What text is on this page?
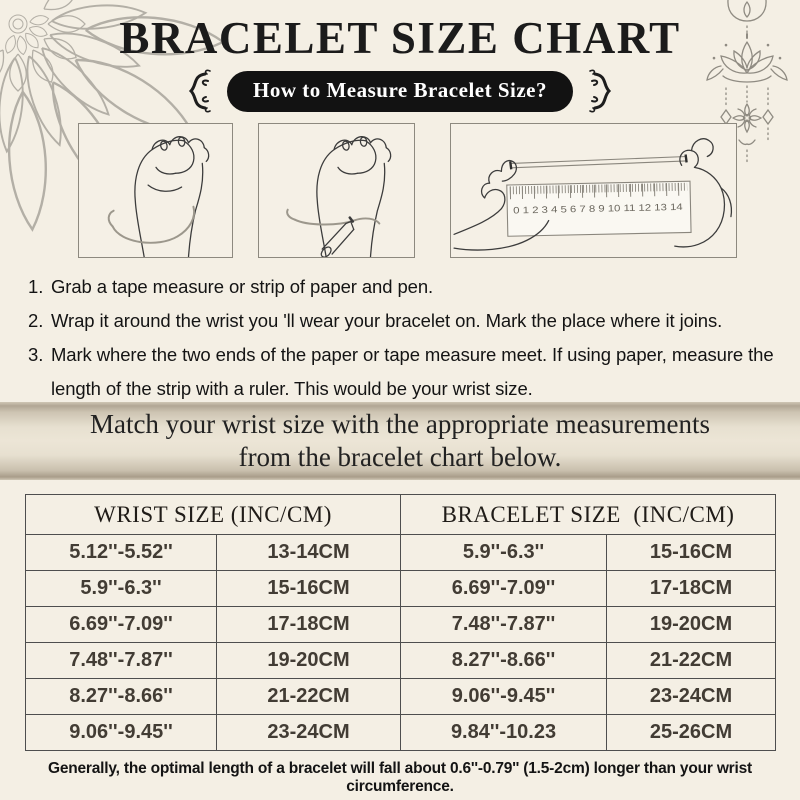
BRACELET SIZE CHART
How to Measure Bracelet Size?
0 1 2 3 4 5 6 7 8 9 10 11 12 13 14
1. Grab a tape measure or strip of paper and pen.
2. Wrap it around the wrist you 'll wear your bracelet on. Mark the place where it joins.
3. Mark where the two ends of the paper or tape measure meet. If using paper, measure the length of the strip with a ruler. This would be your wrist size.
Match your wrist size with the appropriate measurements
from the bracelet chart below.
WRIST SIZE (INC/CM)		BRACELET SIZE  (INC/CM)	
5.12''-5.52''	13-14CM	5.9''-6.3''	15-16CM
5.9''-6.3''	15-16CM	6.69''-7.09''	17-18CM
6.69''-7.09''	17-18CM	7.48''-7.87''	19-20CM
7.48''-7.87''	19-20CM	8.27''-8.66''	21-22CM
8.27''-8.66''	21-22CM	9.06''-9.45''	23-24CM
9.06''-9.45''	23-24CM	9.84''-10.23	25-26CM
Generally, the optimal length of a bracelet will fall about 0.6''-0.79'' (1.5-2cm) longer than your wrist circumference.
